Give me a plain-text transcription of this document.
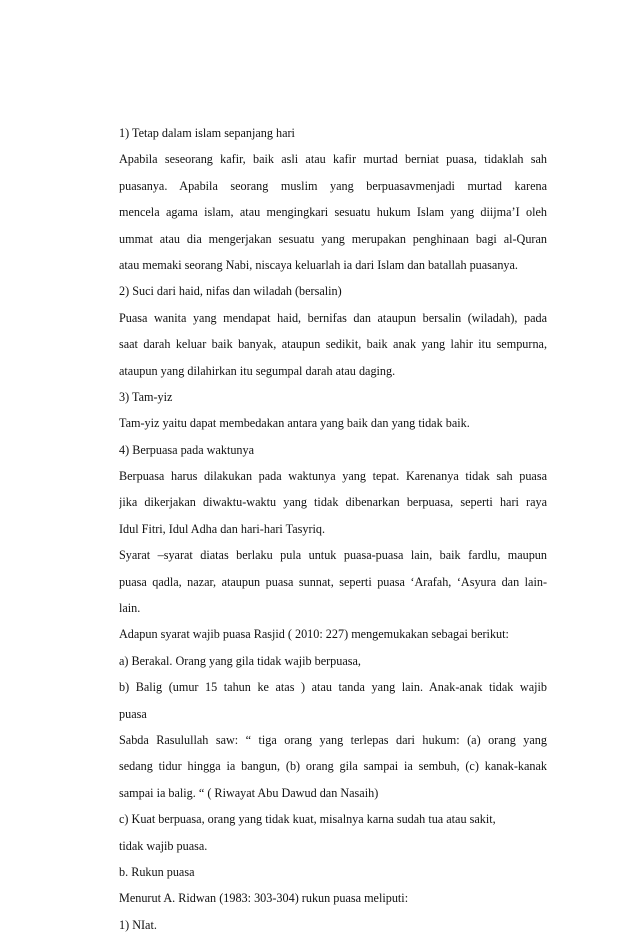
1) Tetap dalam islam sepanjang hari
Apabila seseorang kafir, baik asli atau kafir murtad berniat puasa, tidaklah sah
puasanya. Apabila seorang muslim yang berpuasavmenjadi murtad karena
mencela agama islam, atau mengingkari sesuatu hukum Islam yang diijma’I oleh
ummat atau dia mengerjakan sesuatu yang merupakan penghinaan bagi al-Quran
atau memaki seorang Nabi, niscaya keluarlah ia dari Islam dan batallah puasanya.
2) Suci dari haid, nifas dan wiladah (bersalin)
Puasa wanita yang mendapat haid, bernifas dan ataupun bersalin (wiladah), pada
saat darah keluar baik banyak, ataupun sedikit, baik anak yang lahir itu sempurna,
ataupun yang dilahirkan itu segumpal darah atau daging.
3) Tam-yiz
Tam-yiz yaitu dapat membedakan antara yang baik dan yang tidak baik.
4) Berpuasa pada waktunya
Berpuasa harus dilakukan pada waktunya yang tepat. Karenanya tidak sah puasa
jika dikerjakan diwaktu-waktu yang tidak dibenarkan berpuasa, seperti hari raya
Idul Fitri, Idul Adha dan hari-hari Tasyriq.
Syarat –syarat diatas berlaku pula untuk puasa-puasa lain, baik fardlu, maupun
puasa qadla, nazar, ataupun puasa sunnat, seperti puasa ‘Arafah, ‘Asyura dan lain-
lain.
Adapun syarat wajib puasa Rasjid ( 2010: 227) mengemukakan sebagai berikut:
a) Berakal. Orang yang gila tidak wajib berpuasa,
b) Balig (umur 15 tahun ke atas ) atau tanda yang lain. Anak-anak tidak wajib
puasa
Sabda Rasulullah saw: “ tiga orang yang terlepas dari hukum: (a) orang yang
sedang tidur hingga ia bangun, (b) orang gila sampai ia sembuh, (c) kanak-kanak
sampai ia balig. “ ( Riwayat Abu Dawud dan Nasaih)
c) Kuat berpuasa, orang yang tidak kuat, misalnya karna sudah tua atau sakit,
tidak wajib puasa.
b. Rukun puasa
Menurut A. Ridwan (1983: 303-304) rukun puasa meliputi:
1) NIat.
